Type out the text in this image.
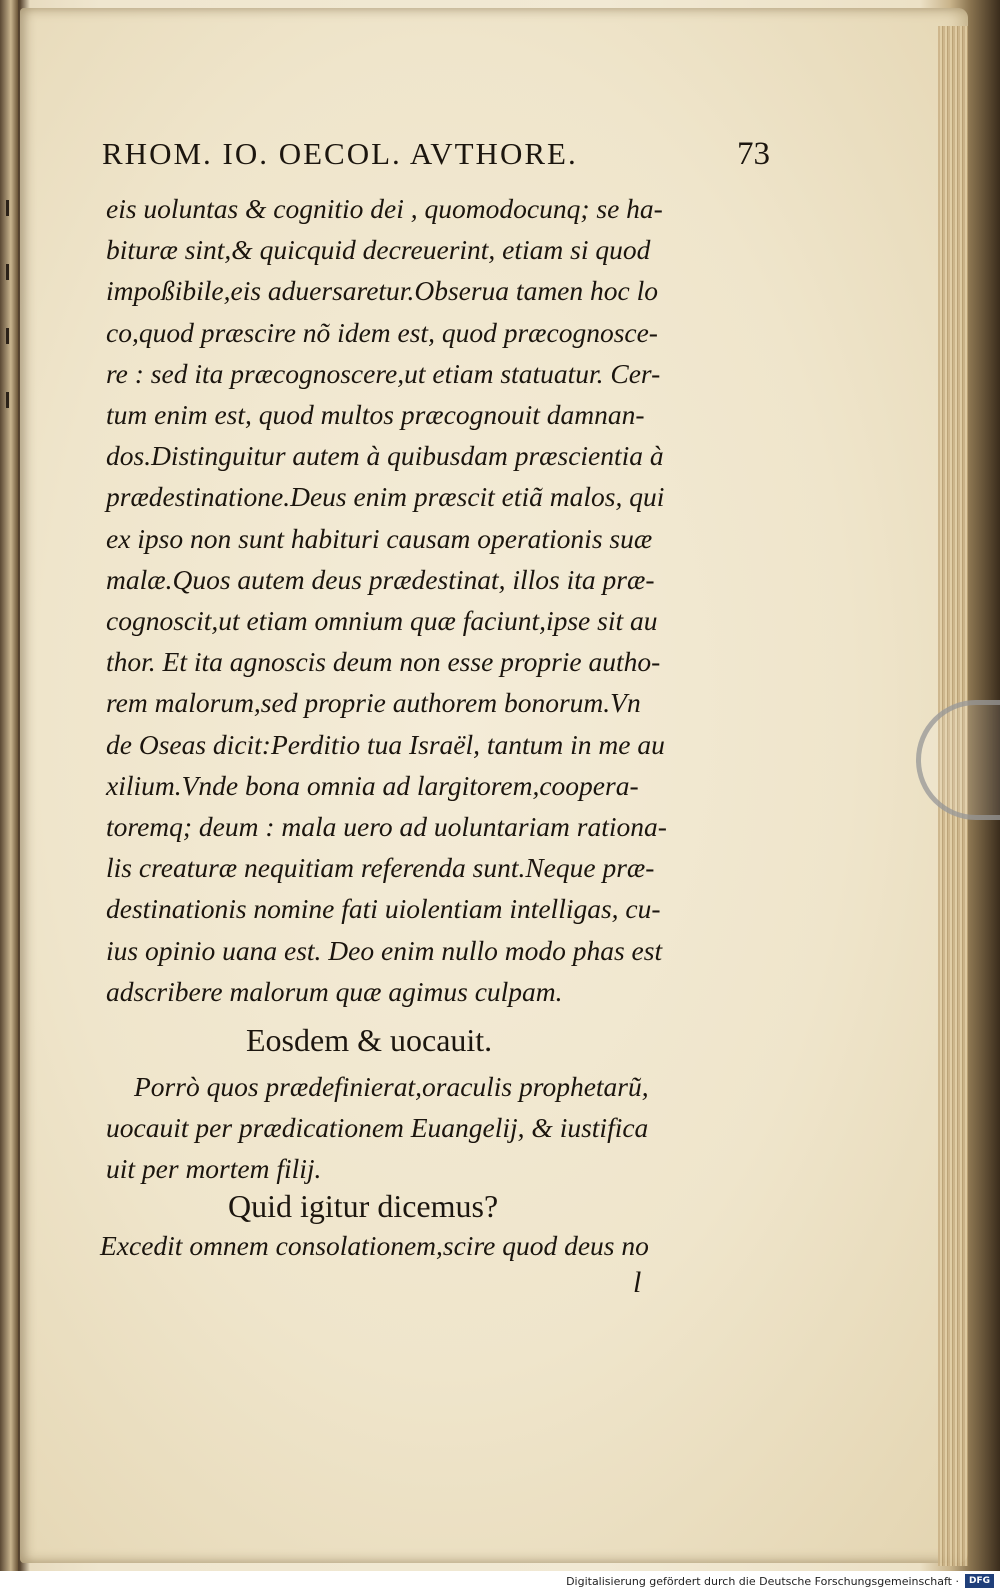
RHOM. IO. OECOL. AVTHORE.	73
eis uoluntas & cognitio dei , quomodocunq; se ha-
bituræ sint,& quicquid decreuerint, etiam si quod
impoßibile,eis aduersaretur.Obserua tamen hoc lo
co,quod præscire nõ idem est, quod præcognosce-
re : sed ita præcognoscere,ut etiam statuatur. Cer-
tum enim est, quod multos præcognouit damnan-
dos.Distinguitur autem à quibusdam præscientia à
prædestinatione.Deus enim præscit etiã malos, qui
ex ipso non sunt habituri causam operationis suæ
malæ.Quos autem deus prædestinat, illos ita præ-
cognoscit,ut etiam omnium quæ faciunt,ipse sit au
thor. Et ita agnoscis deum non esse proprie autho-
rem malorum,sed proprie authorem bonorum.Vn
de Oseas dicit:Perditio tua Israël, tantum in me au
xilium.Vnde bona omnia ad largitorem,coopera-
toremq; deum : mala uero ad uoluntariam rationa-
lis creaturæ nequitiam referenda sunt.Neque præ-
destinationis nomine fati uiolentiam intelligas, cu-
ius opinio uana est. Deo enim nullo modo phas est
adscribere malorum quæ agimus culpam.
Eosdem & uocauit.
Porrò quos prædefinierat,oraculis prophetarũ,
uocauit per prædicationem Euangelij, & iustifica
uit per mortem filij.
Quid igitur dicemus?
Excedit omnem consolationem,scire quod deus no
l
Digitalisierung gefördert durch die Deutsche Forschungsgemeinschaft ·	DFG
